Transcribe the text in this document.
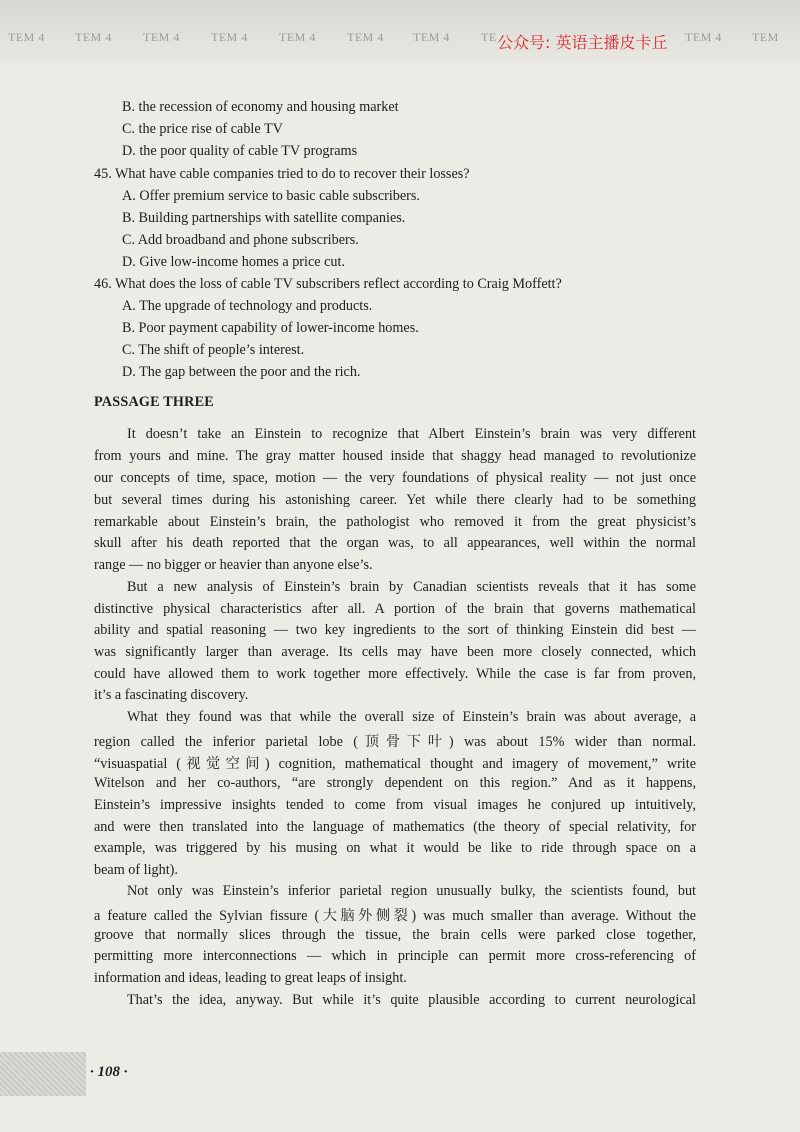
TEM 4	TEM 4	TEM 4	TEM 4	TEM 4	TEM 4 TEM 4	TE	TEM 4	TEM
公众号: 英语主播皮卡丘
B. the recession of economy and housing market
C. the price rise of cable TV
D. the poor quality of cable TV programs
45. What have cable companies tried to do to recover their losses?
A. Offer premium service to basic cable subscribers.
B. Building partnerships with satellite companies.
C. Add broadband and phone subscribers.
D. Give low-income homes a price cut.
46. What does the loss of cable TV subscribers reflect according to Craig Moffett?
A. The upgrade of technology and products.
B. Poor payment capability of lower-income homes.
C. The shift of people’s interest.
D. The gap between the poor and the rich.
PASSAGE THREE
It doesn’t take an Einstein to recognize that Albert Einstein’s brain was very different
from yours and mine. The gray matter housed inside that shaggy head managed to revolutionize
our concepts of time, space, motion — the very foundations of physical reality — not just once
but several times during his astonishing career. Yet while there clearly had to be something
remarkable about Einstein’s brain, the pathologist who removed it from the great physicist’s
skull after his death reported that the organ was, to all appearances, well within the normal
range — no bigger or heavier than anyone else’s.
But a new analysis of Einstein’s brain by Canadian scientists reveals that it has some
distinctive physical characteristics after all. A portion of the brain that governs mathematical
ability and spatial reasoning — two key ingredients to the sort of thinking Einstein did best —
was significantly larger than average. Its cells may have been more closely connected, which
could have allowed them to work together more effectively. While the case is far from proven,
it’s a fascinating discovery.
What they found was that while the overall size of Einstein’s brain was about average, a
region called the inferior parietal lobe (顶骨下叶) was about 15% wider than normal.
“visuaspatial (视觉空间) cognition, mathematical thought and imagery of movement,” write
Witelson and her co-authors, “are strongly dependent on this region.” And as it happens,
Einstein’s impressive insights tended to come from visual images he conjured up intuitively,
and were then translated into the language of mathematics (the theory of special relativity, for
example, was triggered by his musing on what it would be like to ride through space on a
beam of light).
Not only was Einstein’s inferior parietal region unusually bulky, the scientists found, but
a feature called the Sylvian fissure (大脑外侧裂) was much smaller than average. Without the
groove that normally slices through the tissue, the brain cells were parked close together,
permitting more interconnections — which in principle can permit more cross-referencing of
information and ideas, leading to great leaps of insight.
That’s the idea, anyway. But while it’s quite plausible according to current neurological
· 108 ·
